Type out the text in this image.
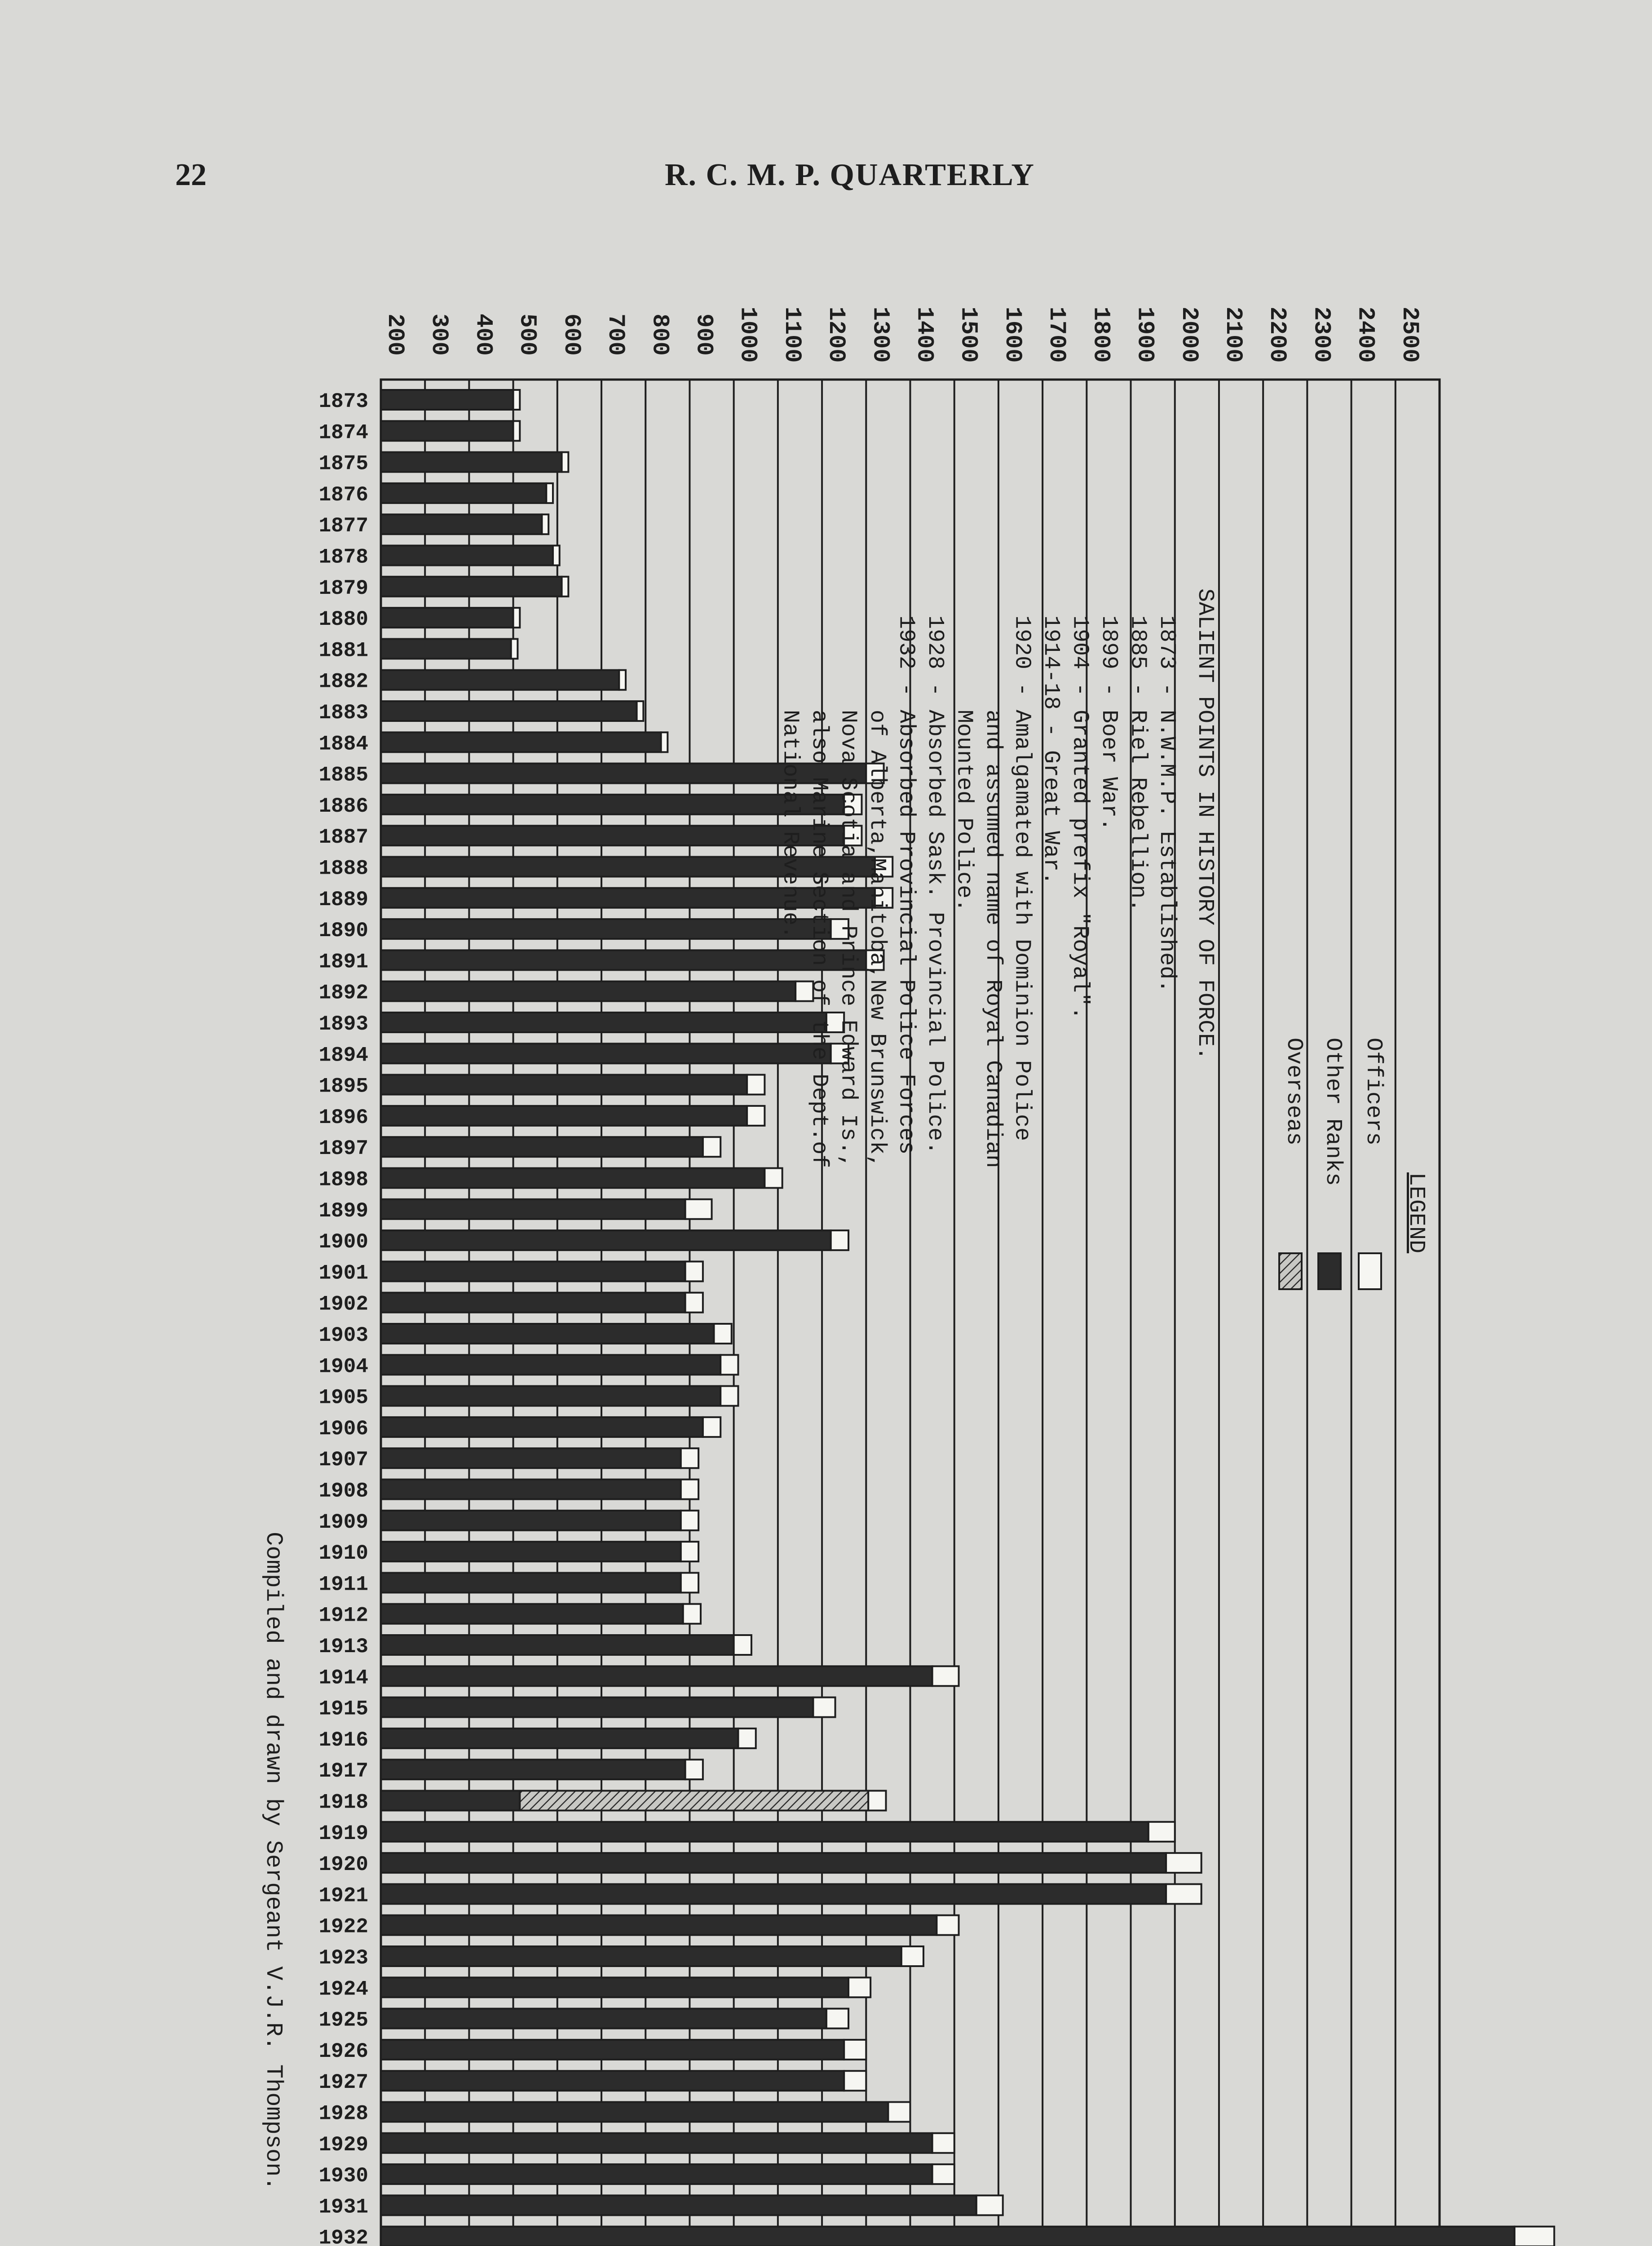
22	R. C. M. P. QUARTERLY
200 300 400 500 600 700 800 900 1000 1100 1200 1300 1400 1500 1600 1700 1800 1900 2000 2100 2200 2300 2400 2500
1873
1874
1875
1876
1877
1878
1879
1880
1881
1882
1883
1884
1885
1886
1887
1888
1889
1890
1891
1892
1893
1894
1895
1896
1897
1898
1899
1900
1901
1902
1903
1904
1905
1906
1907
1908
1909
1910
1911
1912
1913
1914
1915
1916
1917
1918
1919
1920
1921
1922
1923
1924
1925
1926
1927
1928
1929
1930
1931
1932
LEGEND
Officers
Other Ranks
Overseas
SALIENT POINTS IN HISTORY OF FORCE.
1873 - N.W.M.P. Established.
1885 - Riel Rebellion.
1899 - Boer War.
1904 - Granted prefix "Royal".
1914-18 - Great War.
1920 - Amalgamated with Dominion Police
and assumed name of Royal Canadian
Mounted Police.
1928 - Absorbed Sask. Provincial Police.
1932 - Absorbed Provincial Police Forces
of Alberta,Manitoba,New Brunswick,
Nova Scotia and Prince Edward Is.,
also Marine Section of the Dept.of
National Revenue.
Compiled and drawn by Sergeant V.J.R. Thompson.
